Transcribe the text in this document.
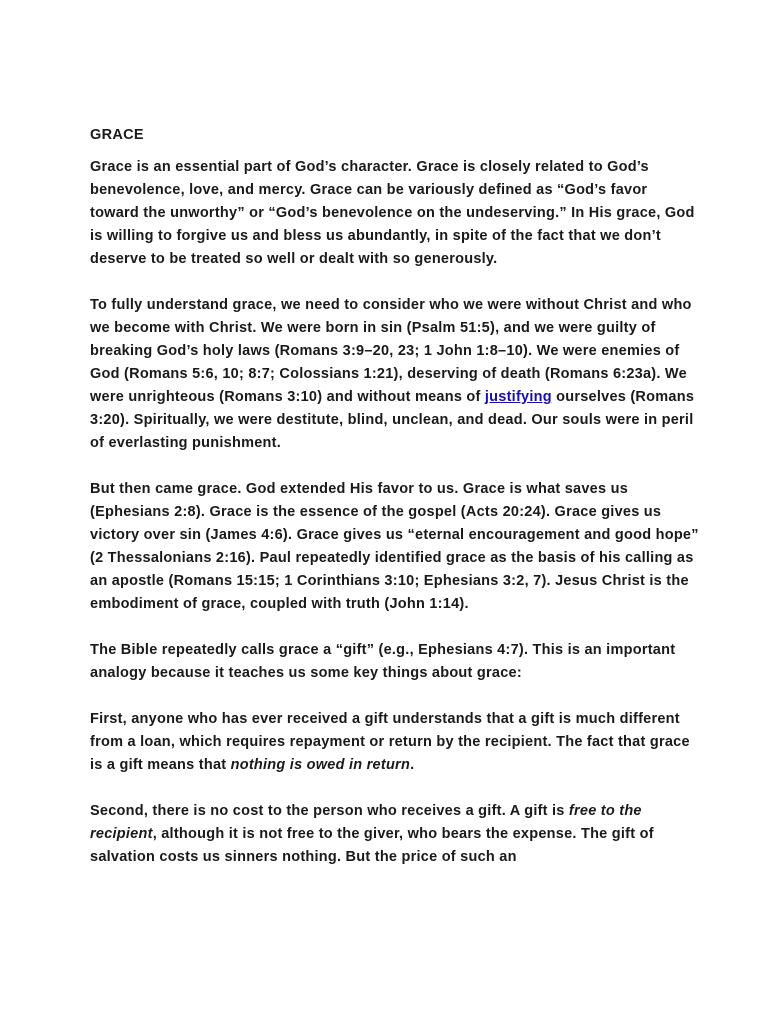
GRACE

Grace is an essential part of God’s character. Grace is closely related to God’s benevolence, love, and mercy. Grace can be variously defined as “God’s favor toward the unworthy” or “God’s benevolence on the undeserving.” In His grace, God is willing to forgive us and bless us abundantly, in spite of the fact that we don’t deserve to be treated so well or dealt with so generously.

To fully understand grace, we need to consider who we were without Christ and who we become with Christ. We were born in sin (Psalm 51:5), and we were guilty of breaking God’s holy laws (Romans 3:9–20, 23; 1 John 1:8–10). We were enemies of God (Romans 5:6, 10; 8:7; Colossians 1:21), deserving of death (Romans 6:23a). We were unrighteous (Romans 3:10) and without means of justifying ourselves (Romans 3:20). Spiritually, we were destitute, blind, unclean, and dead. Our souls were in peril of everlasting punishment.

But then came grace. God extended His favor to us. Grace is what saves us (Ephesians 2:8). Grace is the essence of the gospel (Acts 20:24). Grace gives us victory over sin (James 4:6). Grace gives us “eternal encouragement and good hope” (2 Thessalonians 2:16). Paul repeatedly identified grace as the basis of his calling as an apostle (Romans 15:15; 1 Corinthians 3:10; Ephesians 3:2, 7). Jesus Christ is the embodiment of grace, coupled with truth (John 1:14).

The Bible repeatedly calls grace a “gift” (e.g., Ephesians 4:7). This is an important analogy because it teaches us some key things about grace:

First, anyone who has ever received a gift understands that a gift is much different from a loan, which requires repayment or return by the recipient. The fact that grace is a gift means that nothing is owed in return.

Second, there is no cost to the person who receives a gift. A gift is free to the recipient, although it is not free to the giver, who bears the expense. The gift of salvation costs us sinners nothing. But the price of such an
